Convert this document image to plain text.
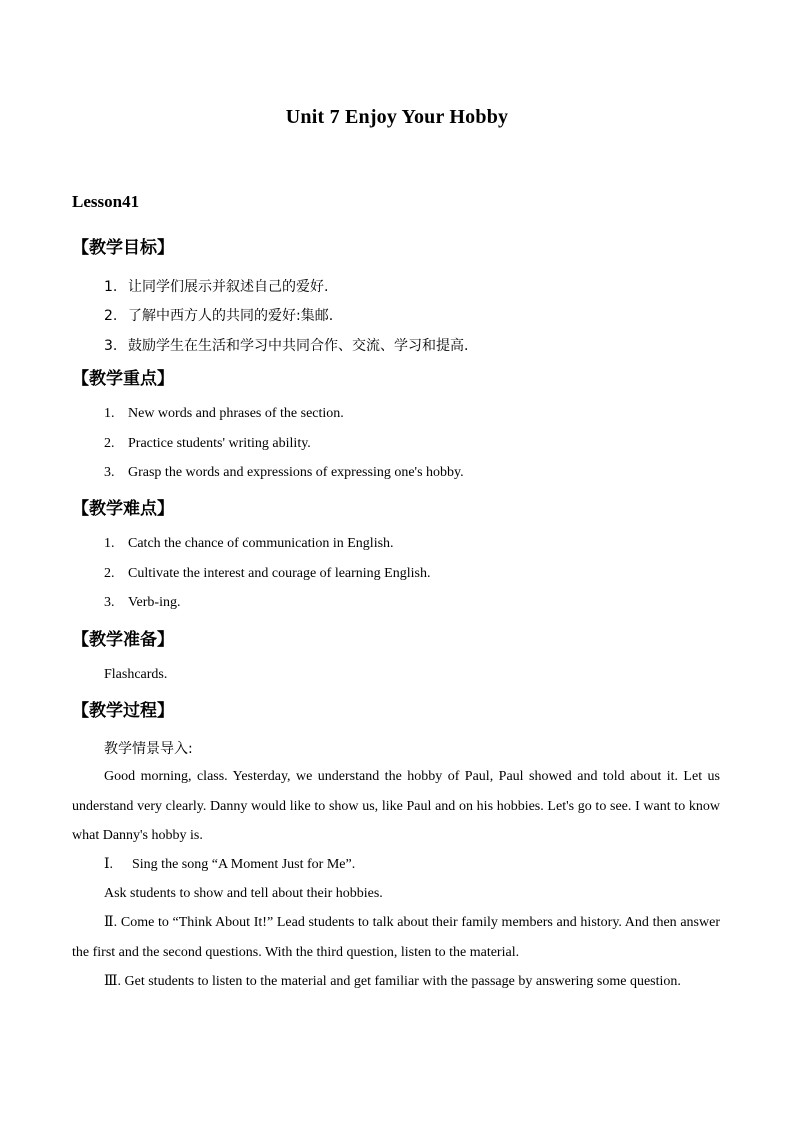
Unit 7 Enjoy Your Hobby
Lesson41
【教学目标】
1. 让同学们展示并叙述自己的爱好.
2. 了解中西方人的共同的爱好:集邮.
3. 鼓励学生在生活和学习中共同合作、交流、学习和提高.
【教学重点】
1. New words and phrases of the section.
2. Practice students' writing ability.
3. Grasp the words and expressions of expressing one's hobby.
【教学难点】
1. Catch the chance of communication in English.
2. Cultivate the interest and courage of learning English.
3. Verb-ing.
【教学准备】
Flashcards.
【教学过程】
教学情景导入:
Good morning, class. Yesterday, we understand the hobby of Paul, Paul showed and told about it. Let us understand very clearly. Danny would like to show us, like Paul and on his hobbies. Let's go to see. I want to know what Danny's hobby is.
Ⅰ. Sing the song “A Moment Just for Me”.
Ask students to show and tell about their hobbies.
Ⅱ. Come to “Think About It!” Lead students to talk about their family members and history. And then answer the first and the second questions. With the third question, listen to the material.
Ⅲ. Get students to listen to the material and get familiar with the passage by answering some question.
